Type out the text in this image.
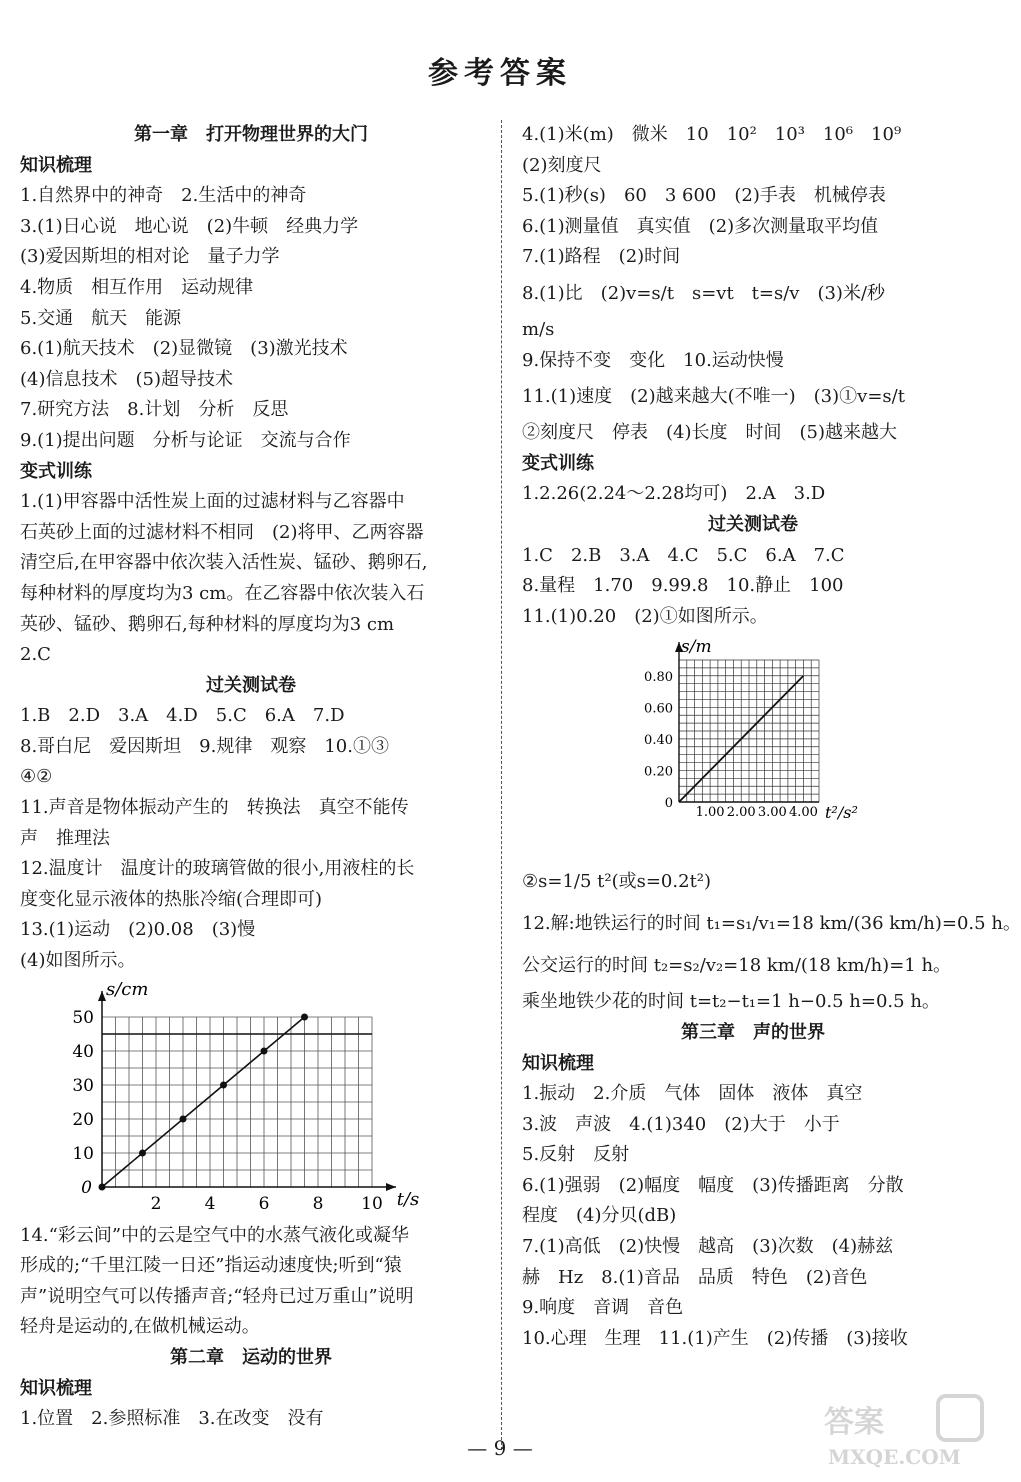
参考答案
第一章　打开物理世界的大门
知识梳理
1.自然界中的神奇　2.生活中的神奇
3.(1)日心说　地心说　(2)牛顿　经典力学
(3)爱因斯坦的相对论　量子力学
4.物质　相互作用　运动规律
5.交通　航天　能源
6.(1)航天技术　(2)显微镜　(3)激光技术
(4)信息技术　(5)超导技术
7.研究方法　8.计划　分析　反思
9.(1)提出问题　分析与论证　交流与合作
变式训练
1.(1)甲容器中活性炭上面的过滤材料与乙容器中
石英砂上面的过滤材料不相同　(2)将甲、乙两容器
清空后,在甲容器中依次装入活性炭、锰砂、鹅卵石,
每种材料的厚度均为3 cm。在乙容器中依次装入石
英砂、锰砂、鹅卵石,每种材料的厚度均为3 cm
2.C
过关测试卷
1.B　2.D　3.A　4.D　5.C　6.A　7.D
8.哥白尼　爱因斯坦　9.规律　观察　10.①③
④②
11.声音是物体振动产生的　转换法　真空不能传
声　推理法
12.温度计　温度计的玻璃管做的很小,用液柱的长
度变化显示液体的热胀冷缩(合理即可)
13.(1)运动　(2)0.08　(3)慢
(4)如图所示。
2	4	6	8 10
0
10
20
30
40
50
t/s
s/cm
14.“彩云间”中的云是空气中的水蒸气液化或凝华
形成的;“千里江陵一日还”指运动速度快;听到“猿
声”说明空气可以传播声音;“轻舟已过万重山”说明
轻舟是运动的,在做机械运动。
第二章　运动的世界
知识梳理
1.位置　2.参照标准　3.在改变　没有
4.(1)米(m)　微米　10　10²　10³　10⁶　10⁹
(2)刻度尺
5.(1)秒(s)　60　3 600　(2)手表　机械停表
6.(1)测量值　真实值　(2)多次测量取平均值
7.(1)路程　(2)时间
8.(1)比　(2)v=s/t　s=vt　t=s/v　(3)米/秒
m/s
9.保持不变　变化　10.运动快慢
11.(1)速度　(2)越来越大(不唯一)　(3)①v=s/t
②刻度尺　停表　(4)长度　时间　(5)越来越大
变式训练
1.2.26(2.24～2.28均可)　2.A　3.D
过关测试卷
1.C　2.B　3.A　4.C　5.C　6.A　7.C
8.量程　1.70　9.99.8　10.静止　100
11.(1)0.20　(2)①如图所示。
1.00 2.00 3.00 4.00
0
0.20
0.40
0.60
0.80
t²/s²
s/m
②s=1/5 t²(或s=0.2t²)
12.解:地铁运行的时间 t₁=s₁/v₁=18 km/(36 km/h)=0.5 h。
公交运行的时间 t₂=s₂/v₂=18 km/(18 km/h)=1 h。
乘坐地铁少花的时间 t=t₂−t₁=1 h−0.5 h=0.5 h。
第三章　声的世界
知识梳理
1.振动　2.介质　气体　固体　液体　真空
3.波　声波　4.(1)340　(2)大于　小于
5.反射　反射
6.(1)强弱　(2)幅度　幅度　(3)传播距离　分散
程度　(4)分贝(dB)
7.(1)高低　(2)快慢　越高　(3)次数　(4)赫兹
赫　Hz　8.(1)音品　品质　特色　(2)音色
9.响度　音调　音色
10.心理　生理　11.(1)产生　(2)传播　(3)接收
— 9 —
答案
MXQE.COM
